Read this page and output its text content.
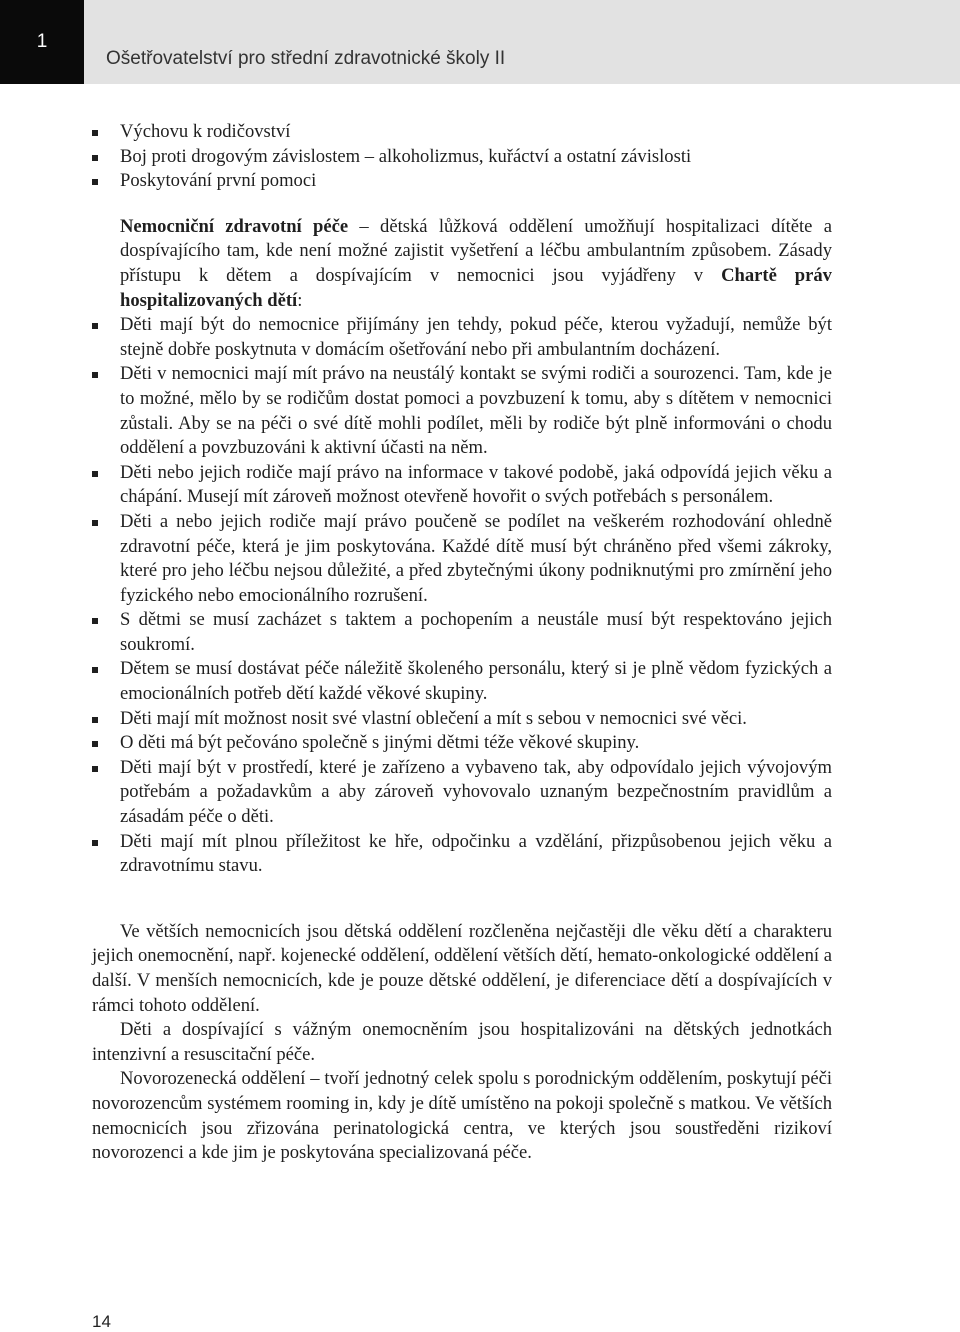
1
Ošetřovatelství pro střední zdravotnické školy II
Výchovu k rodičovství
Boj proti drogovým závislostem – alkoholizmus, kuřáctví a ostatní závislosti
Poskytování první pomoci

Nemocniční zdravotní péče – dětská lůžková oddělení umožňují hospitalizaci dítěte a dospívajícího tam, kde není možné zajistit vyšetření a léčbu ambulantním způsobem. Zásady přístupu k dětem a dospívajícím v nemocnici jsou vyjádřeny v Chartě práv hospitalizovaných dětí:

Děti mají být do nemocnice přijímány jen tehdy, pokud péče, kterou vyžadují, nemůže být stejně dobře poskytnuta v domácím ošetřování nebo při ambulantním docházení.
Děti v nemocnici mají mít právo na neustálý kontakt se svými rodiči a sourozenci. Tam, kde je to možné, mělo by se rodičům dostat pomoci a povzbuzení k tomu, aby s dítětem v nemocnici zůstali. Aby se na péči o své dítě mohli podílet, měli by rodiče být plně informováni o chodu oddělení a povzbuzováni k aktivní účasti na něm.
Děti nebo jejich rodiče mají právo na informace v takové podobě, jaká odpovídá jejich věku a chápání. Musejí mít zároveň možnost otevřeně hovořit o svých potřebách s personálem.
Děti a nebo jejich rodiče mají právo poučeně se podílet na veškerém rozhodování ohledně zdravotní péče, která je jim poskytována. Každé dítě musí být chráněno před všemi zákroky, které pro jeho léčbu nejsou důležité, a před zbytečnými úkony podniknutými pro zmírnění jeho fyzického nebo emocionálního rozrušení.
S dětmi se musí zacházet s taktem a pochopením a neustále musí být respektováno jejich soukromí.
Dětem se musí dostávat péče náležitě školeného personálu, který si je plně vědom fyzických a emocionálních potřeb dětí každé věkové skupiny.
Děti mají mít možnost nosit své vlastní oblečení a mít s sebou v nemocnici své věci.
O děti má být pečováno společně s jinými dětmi téže věkové skupiny.
Děti mají být v prostředí, které je zařízeno a vybaveno tak, aby odpovídalo jejich vývojovým potřebám a požadavkům a aby zároveň vyhovovalo uznaným bezpečnostním pravidlům a zásadám péče o děti.
Děti mají mít plnou příležitost ke hře, odpočinku a vzdělání, přizpůsobenou jejich věku a zdravotnímu stavu.

Ve větších nemocnicích jsou dětská oddělení rozčleněna nejčastěji dle věku dětí a charakteru jejich onemocnění, např. kojenecké oddělení, oddělení větších dětí, hemato-onkologické oddělení a další. V menších nemocnicích, kde je pouze dětské oddělení, je diferenciace dětí a dospívajících v rámci tohoto oddělení.

Děti a dospívající s vážným onemocněním jsou hospitalizováni na dětských jednotkách intenzivní a resuscitační péče.

Novorozenecká oddělení – tvoří jednotný celek spolu s porodnickým oddělením, poskytují péči novorozencům systémem rooming in, kdy je dítě umístěno na pokoji společně s matkou. Ve větších nemocnicích jsou zřizována perinatologická centra, ve kterých jsou soustředěni rizikoví novorozenci a kde jim je poskytována specializovaná péče.

14
